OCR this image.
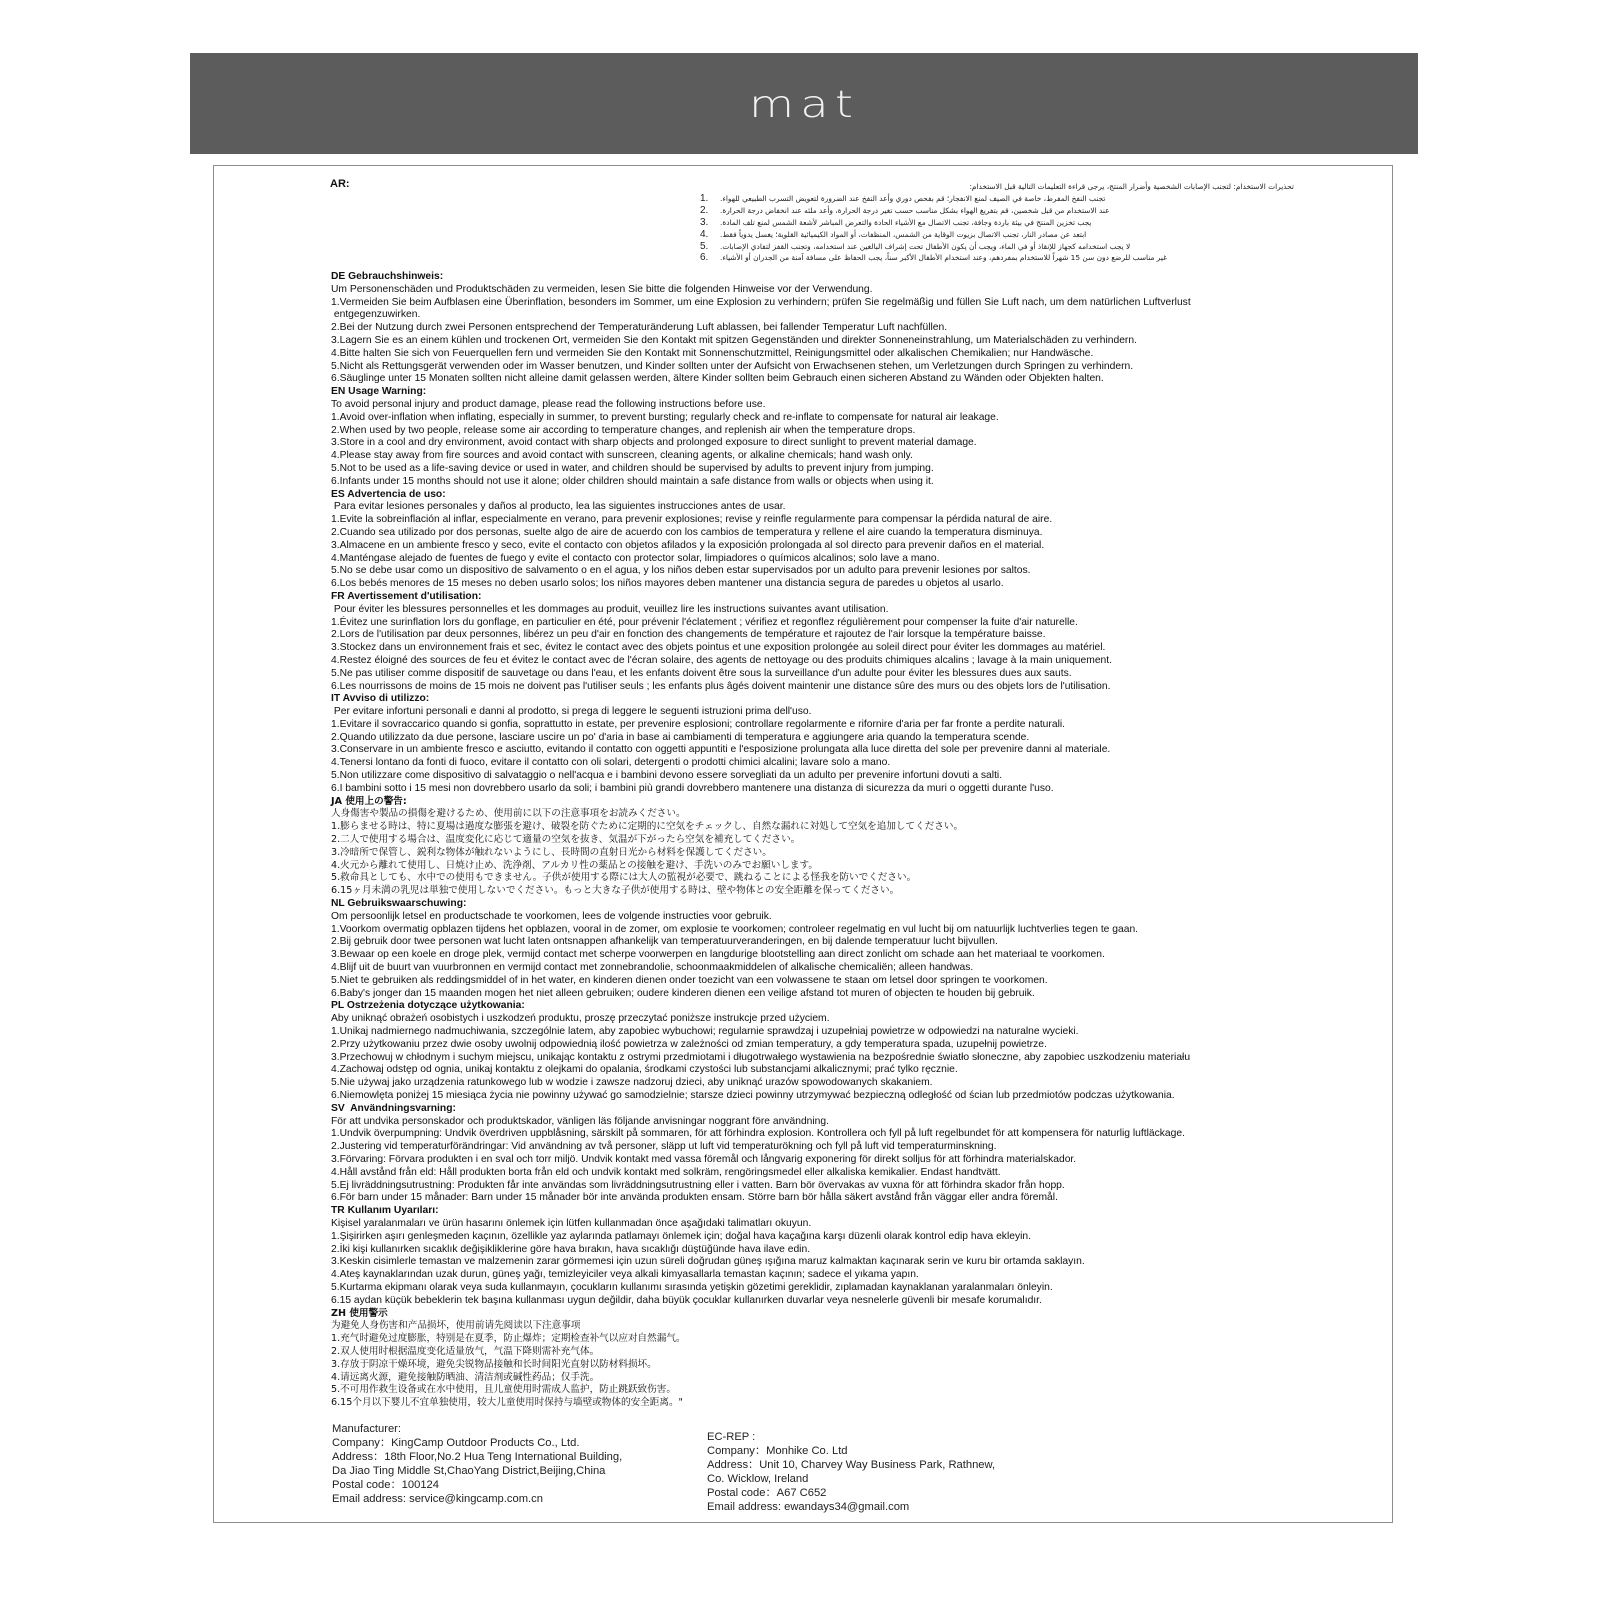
mat
AR:	تحذيرات الاستخدام: لتجنب الإصابات الشخصية وأضرار المنتج، يرجى قراءة التعليمات التالية قبل الاستخدام:
1.	تجنب النفخ المفرط، خاصة في الصيف لمنع الانفجار؛ قم بفحص دوري وأعد النفخ عند الضرورة لتعويض التسرب الطبيعي للهواء.
2.	عند الاستخدام من قبل شخصين، قم بتفريغ الهواء بشكل مناسب حسب تغير درجة الحرارة، وأعد ملئه عند انخفاض درجة الحرارة.
3.	يجب تخزين المنتج في بيئة باردة وجافة، تجنب الاتصال مع الأشياء الحادة والتعرض المباشر لأشعة الشمس لمنع تلف المادة.
4.	ابتعد عن مصادر النار، تجنب الاتصال بزيوت الوقاية من الشمس، المنظفات، أو المواد الكيميائية القلوية؛ يغسل يدوياً فقط.
5.	لا يجب استخدامه كجهاز للإنقاذ أو في الماء، ويجب أن يكون الأطفال تحت إشراف البالغين عند استخدامه، وتجنب القفز لتفادي الإصابات.
6.	غير مناسب للرضع دون سن 15 شهراً للاستخدام بمفردهم، وعند استخدام الأطفال الأكبر سناً، يجب الحفاظ على مسافة آمنة من الجدران أو الأشياء.
DE Gebrauchshinweis:
Um Personenschäden und Produktschäden zu vermeiden, lesen Sie bitte die folgenden Hinweise vor der Verwendung.
1.Vermeiden Sie beim Aufblasen eine Überinflation, besonders im Sommer, um eine Explosion zu verhindern; prüfen Sie regelmäßig und füllen Sie Luft nach, um dem natürlichen Luftverlust
entgegenzuwirken.
2.Bei der Nutzung durch zwei Personen entsprechend der Temperaturänderung Luft ablassen, bei fallender Temperatur Luft nachfüllen.
3.Lagern Sie es an einem kühlen und trockenen Ort, vermeiden Sie den Kontakt mit spitzen Gegenständen und direkter Sonneneinstrahlung, um Materialschäden zu verhindern.
4.Bitte halten Sie sich von Feuerquellen fern und vermeiden Sie den Kontakt mit Sonnenschutzmittel, Reinigungsmittel oder alkalischen Chemikalien; nur Handwäsche.
5.Nicht als Rettungsgerät verwenden oder im Wasser benutzen, und Kinder sollten unter der Aufsicht von Erwachsenen stehen, um Verletzungen durch Springen zu verhindern.
6.Säuglinge unter 15 Monaten sollten nicht alleine damit gelassen werden, ältere Kinder sollten beim Gebrauch einen sicheren Abstand zu Wänden oder Objekten halten.
EN Usage Warning:
To avoid personal injury and product damage, please read the following instructions before use.
1.Avoid over-inflation when inflating, especially in summer, to prevent bursting; regularly check and re-inflate to compensate for natural air leakage.
2.When used by two people, release some air according to temperature changes, and replenish air when the temperature drops.
3.Store in a cool and dry environment, avoid contact with sharp objects and prolonged exposure to direct sunlight to prevent material damage.
4.Please stay away from fire sources and avoid contact with sunscreen, cleaning agents, or alkaline chemicals; hand wash only.
5.Not to be used as a life-saving device or used in water, and children should be supervised by adults to prevent injury from jumping.
6.Infants under 15 months should not use it alone; older children should maintain a safe distance from walls or objects when using it.
ES Advertencia de uso:
Para evitar lesiones personales y daños al producto, lea las siguientes instrucciones antes de usar.
1.Evite la sobreinflación al inflar, especialmente en verano, para prevenir explosiones; revise y reinfle regularmente para compensar la pérdida natural de aire.
2.Cuando sea utilizado por dos personas, suelte algo de aire de acuerdo con los cambios de temperatura y rellene el aire cuando la temperatura disminuya.
3.Almacene en un ambiente fresco y seco, evite el contacto con objetos afilados y la exposición prolongada al sol directo para prevenir daños en el material.
4.Manténgase alejado de fuentes de fuego y evite el contacto con protector solar, limpiadores o químicos alcalinos; solo lave a mano.
5.No se debe usar como un dispositivo de salvamento o en el agua, y los niños deben estar supervisados por un adulto para prevenir lesiones por saltos.
6.Los bebés menores de 15 meses no deben usarlo solos; los niños mayores deben mantener una distancia segura de paredes u objetos al usarlo.
FR Avertissement d'utilisation:
Pour éviter les blessures personnelles et les dommages au produit, veuillez lire les instructions suivantes avant utilisation.
1.Évitez une surinflation lors du gonflage, en particulier en été, pour prévenir l'éclatement ; vérifiez et regonflez régulièrement pour compenser la fuite d'air naturelle.
2.Lors de l'utilisation par deux personnes, libérez un peu d'air en fonction des changements de température et rajoutez de l'air lorsque la température baisse.
3.Stockez dans un environnement frais et sec, évitez le contact avec des objets pointus et une exposition prolongée au soleil direct pour éviter les dommages au matériel.
4.Restez éloigné des sources de feu et évitez le contact avec de l'écran solaire, des agents de nettoyage ou des produits chimiques alcalins ; lavage à la main uniquement.
5.Ne pas utiliser comme dispositif de sauvetage ou dans l'eau, et les enfants doivent être sous la surveillance d'un adulte pour éviter les blessures dues aux sauts.
6.Les nourrissons de moins de 15 mois ne doivent pas l'utiliser seuls ; les enfants plus âgés doivent maintenir une distance sûre des murs ou des objets lors de l'utilisation.
IT Avviso di utilizzo:
Per evitare infortuni personali e danni al prodotto, si prega di leggere le seguenti istruzioni prima dell'uso.
1.Evitare il sovraccarico quando si gonfia, soprattutto in estate, per prevenire esplosioni; controllare regolarmente e rifornire d'aria per far fronte a perdite naturali.
2.Quando utilizzato da due persone, lasciare uscire un po' d'aria in base ai cambiamenti di temperatura e aggiungere aria quando la temperatura scende.
3.Conservare in un ambiente fresco e asciutto, evitando il contatto con oggetti appuntiti e l'esposizione prolungata alla luce diretta del sole per prevenire danni al materiale.
4.Tenersi lontano da fonti di fuoco, evitare il contatto con oli solari, detergenti o prodotti chimici alcalini; lavare solo a mano.
5.Non utilizzare come dispositivo di salvataggio o nell'acqua e i bambini devono essere sorvegliati da un adulto per prevenire infortuni dovuti a salti.
6.I bambini sotto i 15 mesi non dovrebbero usarlo da soli; i bambini più grandi dovrebbero mantenere una distanza di sicurezza da muri o oggetti durante l'uso.
JA 使用上の警告:
人身傷害や製品の損傷を避けるため、使用前に以下の注意事項をお読みください。
1.膨らませる時は、特に夏場は過度な膨張を避け、破裂を防ぐために定期的に空気をチェックし、自然な漏れに対処して空気を追加してください。
2.二人で使用する場合は、温度変化に応じて適量の空気を抜き、気温が下がったら空気を補充してください。
3.冷暗所で保管し、鋭利な物体が触れないようにし、長時間の直射日光から材料を保護してください。
4.火元から離れて使用し、日焼け止め、洗浄剤、アルカリ性の薬品との接触を避け、手洗いのみでお願いします。
5.救命具としても、水中での使用もできません。子供が使用する際には大人の監視が必要で、跳ねることによる怪我を防いでください。
6.15ヶ月未満の乳児は単独で使用しないでください。もっと大きな子供が使用する時は、壁や物体との安全距離を保ってください。
NL Gebruikswaarschuwing:
Om persoonlijk letsel en productschade te voorkomen, lees de volgende instructies voor gebruik.
1.Voorkom overmatig opblazen tijdens het opblazen, vooral in de zomer, om explosie te voorkomen; controleer regelmatig en vul lucht bij om natuurlijk luchtverlies tegen te gaan.
2.Bij gebruik door twee personen wat lucht laten ontsnappen afhankelijk van temperatuurveranderingen, en bij dalende temperatuur lucht bijvullen.
3.Bewaar op een koele en droge plek, vermijd contact met scherpe voorwerpen en langdurige blootstelling aan direct zonlicht om schade aan het materiaal te voorkomen.
4.Blijf uit de buurt van vuurbronnen en vermijd contact met zonnebrandolie, schoonmaakmiddelen of alkalische chemicaliën; alleen handwas.
5.Niet te gebruiken als reddingsmiddel of in het water, en kinderen dienen onder toezicht van een volwassene te staan om letsel door springen te voorkomen.
6.Baby's jonger dan 15 maanden mogen het niet alleen gebruiken; oudere kinderen dienen een veilige afstand tot muren of objecten te houden bij gebruik.
PL Ostrzeżenia dotyczące użytkowania:
Aby uniknąć obrażeń osobistych i uszkodzeń produktu, proszę przeczytać poniższe instrukcje przed użyciem.
1.Unikaj nadmiernego nadmuchiwania, szczególnie latem, aby zapobiec wybuchowi; regularnie sprawdzaj i uzupełniaj powietrze w odpowiedzi na naturalne wycieki.
2.Przy użytkowaniu przez dwie osoby uwolnij odpowiednią ilość powietrza w zależności od zmian temperatury, a gdy temperatura spada, uzupełnij powietrze.
3.Przechowuj w chłodnym i suchym miejscu, unikając kontaktu z ostrymi przedmiotami i długotrwałego wystawienia na bezpośrednie światło słoneczne, aby zapobiec uszkodzeniu materiału
4.Zachowaj odstęp od ognia, unikaj kontaktu z olejkami do opalania, środkami czystości lub substancjami alkalicznymi; prać tylko ręcznie.
5.Nie używaj jako urządzenia ratunkowego lub w wodzie i zawsze nadzoruj dzieci, aby uniknąć urazów spowodowanych skakaniem.
6.Niemowlęta poniżej 15 miesiąca życia nie powinny używać go samodzielnie; starsze dzieci powinny utrzymywać bezpieczną odległość od ścian lub przedmiotów podczas użytkowania.
SV  Användningsvarning:
För att undvika personskador och produktskador, vänligen läs följande anvisningar noggrant före användning.
1.Undvik överpumpning: Undvik överdriven uppblåsning, särskilt på sommaren, för att förhindra explosion. Kontrollera och fyll på luft regelbundet för att kompensera för naturlig luftläckage.
2.Justering vid temperaturförändringar: Vid användning av två personer, släpp ut luft vid temperaturökning och fyll på luft vid temperaturminskning.
3.Förvaring: Förvara produkten i en sval och torr miljö. Undvik kontakt med vassa föremål och långvarig exponering för direkt solljus för att förhindra materialskador.
4.Håll avstånd från eld: Håll produkten borta från eld och undvik kontakt med solkräm, rengöringsmedel eller alkaliska kemikalier. Endast handtvätt.
5.Ej livräddningsutrustning: Produkten får inte användas som livräddningsutrustning eller i vatten. Barn bör övervakas av vuxna för att förhindra skador från hopp.
6.För barn under 15 månader: Barn under 15 månader bör inte använda produkten ensam. Större barn bör hålla säkert avstånd från väggar eller andra föremål.
TR Kullanım Uyarıları:
Kişisel yaralanmaları ve ürün hasarını önlemek için lütfen kullanmadan önce aşağıdaki talimatları okuyun.
1.Şişirirken aşırı genleşmeden kaçının, özellikle yaz aylarında patlamayı önlemek için; doğal hava kaçağına karşı düzenli olarak kontrol edip hava ekleyin.
2.İki kişi kullanırken sıcaklık değişikliklerine göre hava bırakın, hava sıcaklığı düştüğünde hava ilave edin.
3.Keskin cisimlerle temastan ve malzemenin zarar görmemesi için uzun süreli doğrudan güneş ışığına maruz kalmaktan kaçınarak serin ve kuru bir ortamda saklayın.
4.Ateş kaynaklarından uzak durun, güneş yağı, temizleyiciler veya alkali kimyasallarla temastan kaçının; sadece el yıkama yapın.
5.Kurtarma ekipmanı olarak veya suda kullanmayın, çocukların kullanımı sırasında yetişkin gözetimi gereklidir, zıplamadan kaynaklanan yaralanmaları önleyin.
6.15 aydan küçük bebeklerin tek başına kullanması uygun değildir, daha büyük çocuklar kullanırken duvarlar veya nesnelerle güvenli bir mesafe korumalıdır.
ZH 使用警示
为避免人身伤害和产品损坏，使用前请先阅读以下注意事项
1.充气时避免过度膨胀，特别是在夏季，防止爆炸；定期检查补气以应对自然漏气。
2.双人使用时根据温度变化适量放气，气温下降则需补充气体。
3.存放于阴凉干燥环境，避免尖锐物品接触和长时间阳光直射以防材料损坏。
4.请远离火源，避免接触防晒油、清洁剂或碱性药品；仅手洗。
5.不可用作救生设备或在水中使用，且儿童使用时需成人监护，防止跳跃致伤害。
6.15个月以下婴儿不宜单独使用，较大儿童使用时保持与墙壁或物体的安全距离。"
Manufacturer:
Company：KingCamp Outdoor Products Co., Ltd.
Address：18th Floor,No.2 Hua Teng International Building,
Da Jiao Ting Middle St,ChaoYang District,Beijing,China
Postal code：100124
Email address: service@kingcamp.com.cn
EC-REP :
Company：Monhike Co. Ltd
Address：Unit 10, Charvey Way Business Park, Rathnew,
Co. Wicklow, Ireland
Postal code：A67 C652
Email address: ewandays34@gmail.com
